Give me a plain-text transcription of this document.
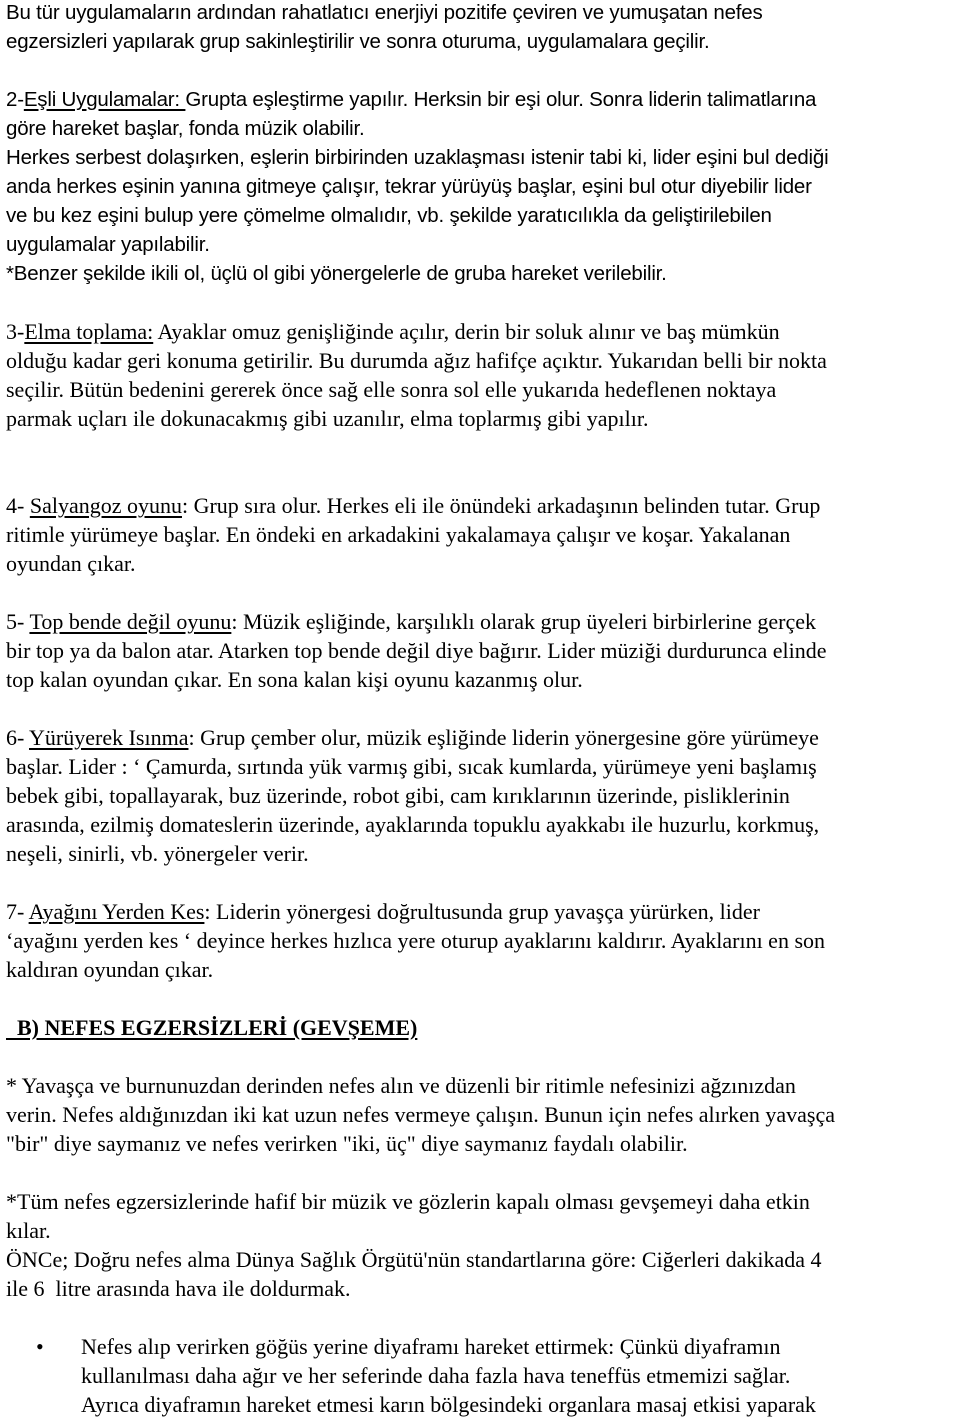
Bu tür uygulamaların ardından rahatlatıcı enerjiyi pozitife çeviren ve yumuşatan nefes

egzersizleri yapılarak grup sakinleştirilir ve sonra oturuma, uygulamalara geçilir.

2-Eşli Uygulamalar: Grupta eşleştirme yapılır. Herksin bir eşi olur. Sonra liderin talimatlarına

göre hareket başlar, fonda müzik olabilir.

Herkes serbest dolaşırken, eşlerin birbirinden uzaklaşması istenir tabi ki, lider eşini bul dediği

anda herkes eşinin yanına gitmeye çalışır, tekrar yürüyüş başlar, eşini bul otur diyebilir lider

ve bu kez eşini bulup yere çömelme olmalıdır, vb. şekilde yaratıcılıkla da geliştirilebilen

uygulamalar yapılabilir.

*Benzer şekilde ikili ol, üçlü ol gibi yönergelerle de gruba hareket verilebilir.

3-Elma toplama: Ayaklar omuz genişliğinde açılır, derin bir soluk alınır ve baş mümkün

olduğu kadar geri konuma getirilir. Bu durumda ağız hafifçe açıktır. Yukarıdan belli bir nokta

seçilir. Bütün bedenini gererek önce sağ elle sonra sol elle yukarıda hedeflenen noktaya

parmak uçları ile dokunacakmış gibi uzanılır, elma toplarmış gibi yapılır.

4- Salyangoz oyunu: Grup sıra olur. Herkes eli ile önündeki arkadaşının belinden tutar. Grup

ritimle yürümeye başlar. En öndeki en arkadakini yakalamaya çalışır ve koşar. Yakalanan

oyundan çıkar.

5- Top bende değil oyunu: Müzik eşliğinde, karşılıklı olarak grup üyeleri birbirlerine gerçek

bir top ya da balon atar. Atarken top bende değil diye bağırır. Lider müziği durdurunca elinde

top kalan oyundan çıkar. En sona kalan kişi oyunu kazanmış olur.

6- Yürüyerek Isınma: Grup çember olur, müzik eşliğinde liderin yönergesine göre yürümeye

başlar. Lider : ‘ Çamurda, sırtında yük varmış gibi, sıcak kumlarda, yürümeye yeni başlamış

bebek gibi, topallayarak, buz üzerinde, robot gibi, cam kırıklarının üzerinde, pisliklerinin

arasında, ezilmiş domateslerin üzerinde, ayaklarında topuklu ayakkabı ile huzurlu, korkmuş,

neşeli, sinirli, vb. yönergeler verir.

7- Ayağını Yerden Kes: Liderin yönergesi doğrultusunda grup yavaşça yürürken, lider

‘ayağını yerden kes ‘ deyince herkes hızlıca yere oturup ayaklarını kaldırır. Ayaklarını en son

kaldıran oyundan çıkar.

B) NEFES EGZERSİZLERİ (GEVŞEME)

* Yavaşça ve burnunuzdan derinden nefes alın ve düzenli bir ritimle nefesinizi ağzınızdan

verin. Nefes aldığınızdan iki kat uzun nefes vermeye çalışın. Bunun için nefes alırken yavaşça

"bir" diye saymanız ve nefes verirken "iki, üç" diye saymanız faydalı olabilir.

*Tüm nefes egzersizlerinde hafif bir müzik ve gözlerin kapalı olması gevşemeyi daha etkin

kılar.

ÖNCe; Doğru nefes alma Dünya Sağlık Örgütü'nün standartlarına göre: Ciğerleri dakikada 4

ile 6  litre arasında hava ile doldurmak.

• Nefes alıp verirken göğüs yerine diyaframı hareket ettirmek: Çünkü diyaframın

kullanılması daha ağır ve her seferinde daha fazla hava teneffüs etmemizi sağlar.

Ayrıca diyaframın hareket etmesi karın bölgesindeki organlara masaj etkisi yaparak
